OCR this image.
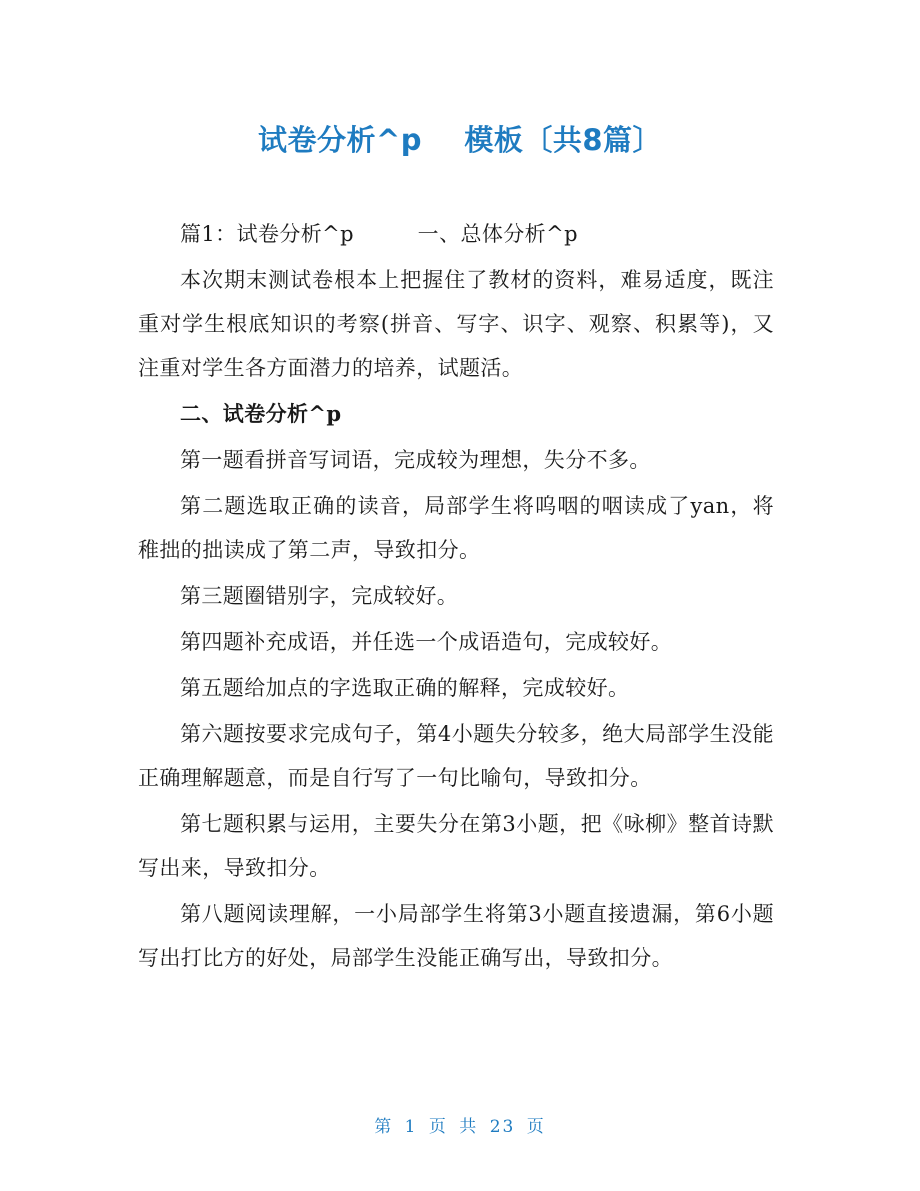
试卷分析^p    模板〔共8篇〕

篇1：试卷分析^p         一、总体分析^p

本次期末测试卷根本上把握住了教材的资料，难易适度，既注重对学生根底知识的考察(拼音、写字、识字、观察、积累等)，又注重对学生各方面潜力的培养，试题活。

二、试卷分析^p

第一题看拼音写词语，完成较为理想，失分不多。

第二题选取正确的读音，局部学生将呜咽的咽读成了yan，将稚拙的拙读成了第二声，导致扣分。

第三题圈错别字，完成较好。

第四题补充成语，并任选一个成语造句，完成较好。

第五题给加点的字选取正确的解释，完成较好。

第六题按要求完成句子，第4小题失分较多，绝大局部学生没能正确理解题意，而是自行写了一句比喻句，导致扣分。

第七题积累与运用，主要失分在第3小题，把《咏柳》整首诗默写出来，导致扣分。

第八题阅读理解，一小局部学生将第3小题直接遗漏，第6小题写出打比方的好处，局部学生没能正确写出，导致扣分。

第 1 页 共 23 页
